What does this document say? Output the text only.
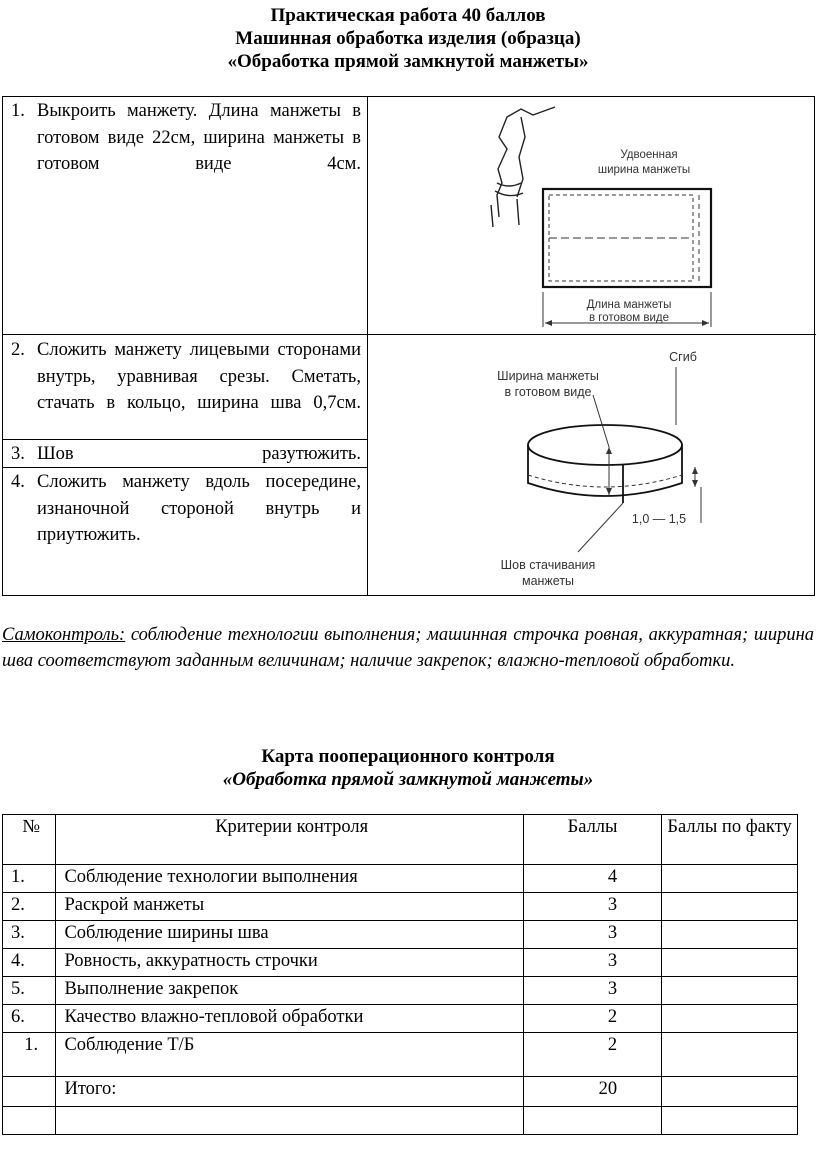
Практическая работа 40 баллов
Машинная обработка изделия (образца)
«Обработка прямой замкнутой манжеты»
1. Выкроить манжету. Длина манжеты в готовом виде 22см, ширина манжеты в готовом виде 4см.
2. Сложить манжету лицевыми сторонами внутрь, уравнивая срезы. Сметать, стачать в кольцо, ширина шва 0,7см.
3. Шов разутюжить.
4. Сложить манжету вдоль посередине, изнаночной стороной внутрь и приутюжить.
Удвоенная
ширина манжеты
Длина манжеты
в готовом виде
Сгиб
Ширина манжеты
в готовом виде
1,0 — 1,5
Шов стачивания
манжеты
Самоконтроль: соблюдение технологии выполнения; машинная строчка ровная, аккуратная; ширина шва соответствуют заданным величинам; наличие закрепок; влажно-тепловой обработки.
Карта пооперационного контроля
«Обработка прямой замкнутой манжеты»
№	Критерии контроля	Баллы	Баллы по факту
1.	Соблюдение технологии выполнения	4	
2.	Раскрой манжеты	3	
3.	Соблюдение ширины шва	3	
4.	Ровность, аккуратность строчки	3	
5.	Выполнение закрепок	3	
6.	Качество влажно-тепловой обработки	2	
1.	Соблюдение Т/Б	2	
	Итого:	20	
